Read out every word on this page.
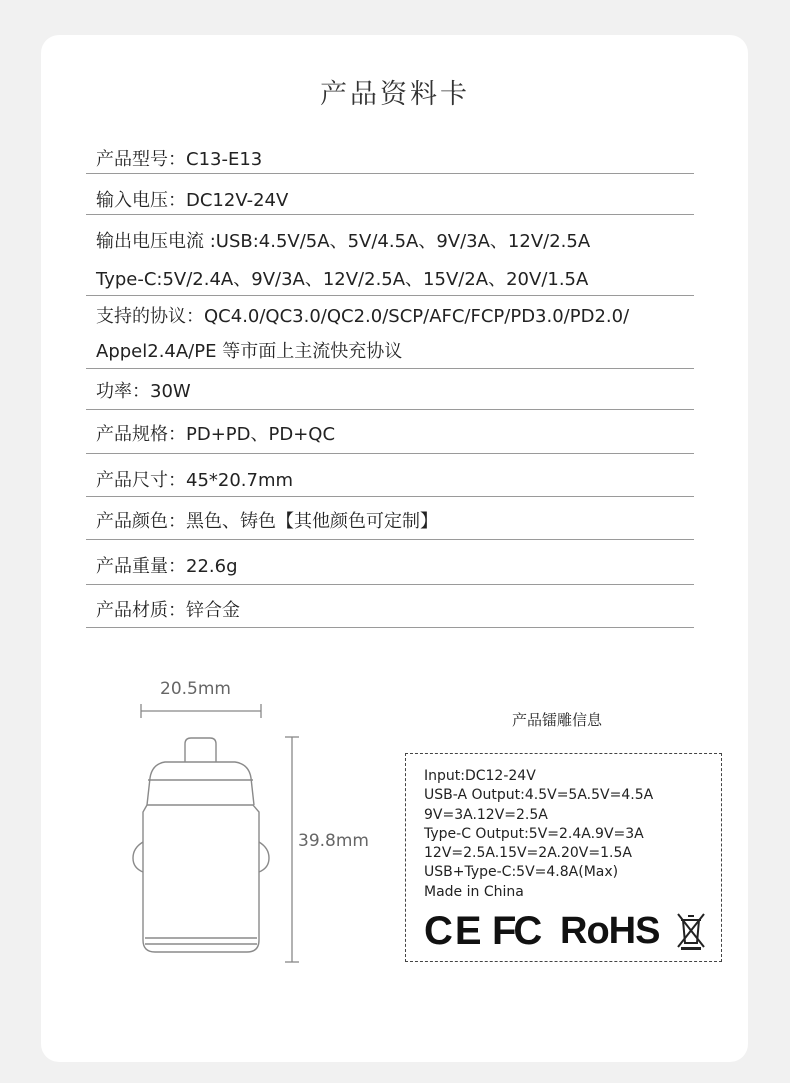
产品资料卡
产品型号：C13-E13
输入电压：DC12V-24V
输出电压电流 :USB:4.5V/5A、5V/4.5A、9V/3A、12V/2.5A
Type-C:5V/2.4A、9V/3A、12V/2.5A、15V/2A、20V/1.5A
支持的协议：QC4.0/QC3.0/QC2.0/SCP/AFC/FCP/PD3.0/PD2.0/
Appel2.4A/PE 等市面上主流快充协议
功率：30W
产品规格：PD+PD、PD+QC
产品尺寸：45*20.7mm
产品颜色：黑色、铸色【其他颜色可定制】
产品重量：22.6g
产品材质：锌合金
20.5mm
39.8mm
产品镭雕信息
Input:DC12-24V
USB-A Output:4.5V=5A.5V=4.5A
9V=3A.12V=2.5A
Type-C Output:5V=2.4A.9V=3A
12V=2.5A.15V=2A.20V=1.5A
USB+Type-C:5V=4.8A(Max)
Made in China
CE FC RoHS
